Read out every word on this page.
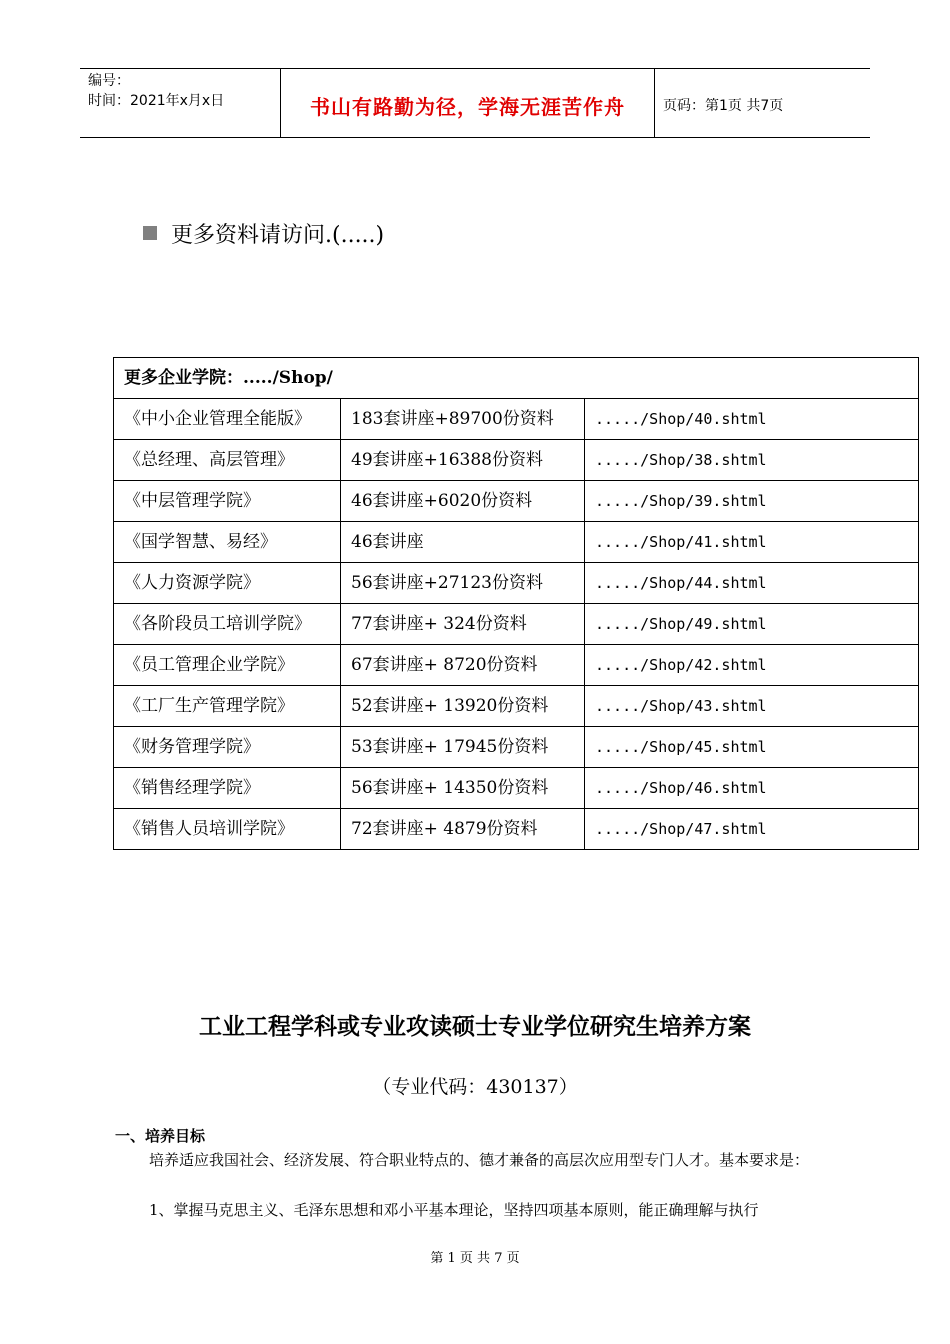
编号：
时间：2021年x月x日	书山有路勤为径，学海无涯苦作舟	页码：第1页 共7页
更多资料请访问.(.....)
更多企业学院：...../Shop/		
《中小企业管理全能版》	183套讲座+89700份资料	...../Shop/40.shtml
《总经理、高层管理》	49套讲座+16388份资料	...../Shop/38.shtml
《中层管理学院》	46套讲座+6020份资料	...../Shop/39.shtml
《国学智慧、易经》	46套讲座	...../Shop/41.shtml
《人力资源学院》	56套讲座+27123份资料	...../Shop/44.shtml
《各阶段员工培训学院》	77套讲座+ 324份资料	...../Shop/49.shtml
《员工管理企业学院》	67套讲座+ 8720份资料	...../Shop/42.shtml
《工厂生产管理学院》	52套讲座+ 13920份资料	...../Shop/43.shtml
《财务管理学院》	53套讲座+ 17945份资料	...../Shop/45.shtml
《销售经理学院》	56套讲座+ 14350份资料	...../Shop/46.shtml
《销售人员培训学院》	72套讲座+ 4879份资料	...../Shop/47.shtml
工业工程学科或专业攻读硕士专业学位研究生培养方案
（专业代码：430137）
一、培养目标
培养适应我国社会、经济发展、符合职业特点的、德才兼备的高层次应用型专门人才。基本要求是：
1、掌握马克思主义、毛泽东思想和邓小平基本理论，坚持四项基本原则，能正确理解与执行
第 1 页 共 7 页
